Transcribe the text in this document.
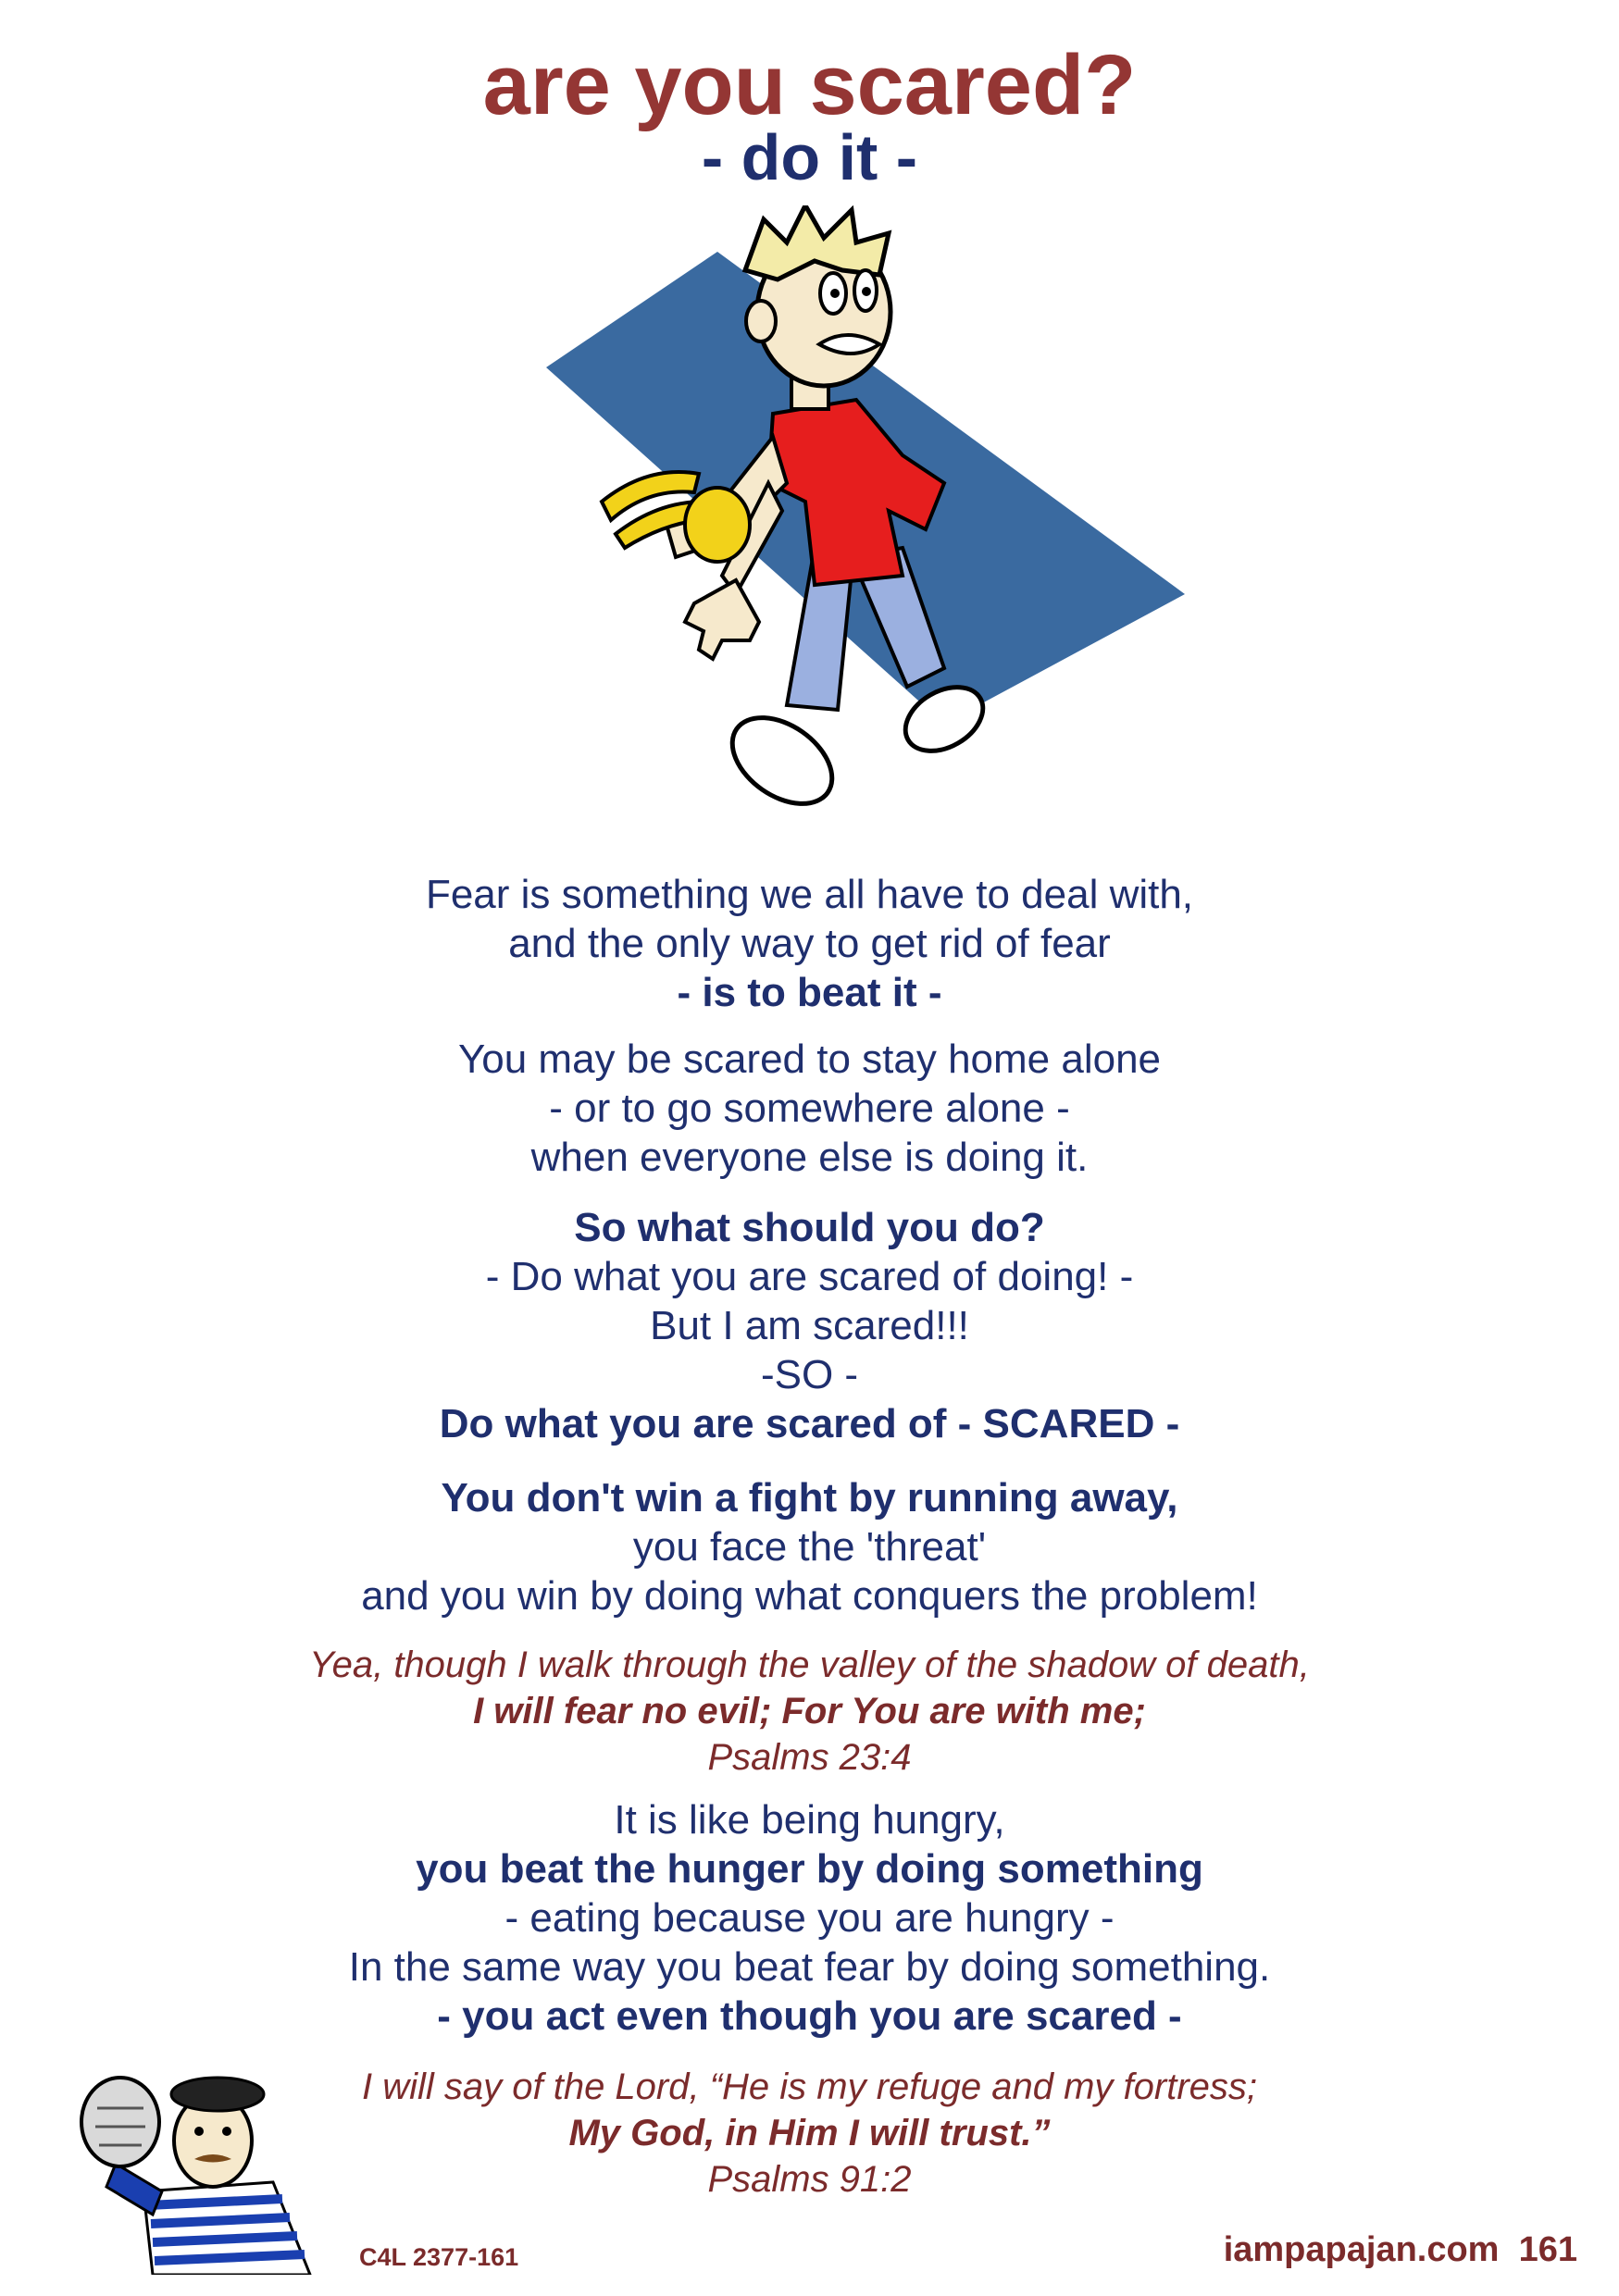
are you scared?
- do it -
Fear is something we all have to deal with,
and the only way to get rid of fear
- is to beat it -
You may be scared to stay home alone
- or to go somewhere alone -
when everyone else is doing it.
So what should you do?
- Do what you are scared of doing! -
But I am scared!!!
-SO -
Do what you are scared of - SCARED -
You don't win a fight by running away,
you face the 'threat'
and you win by doing what conquers the problem!
Yea, though I walk through the valley of the shadow of death,
I will fear no evil; For You are with me;
Psalms 23:4
It is like being hungry,
you beat the hunger by doing something
- eating because you are hungry -
In the same way you beat fear by doing something.
- you act even though you are scared -
I will say of the Lord, “He is my refuge and my fortress;
My God, in Him I will trust.”
Psalms 91:2
C4L 2377-161	iampapajan.com  161
